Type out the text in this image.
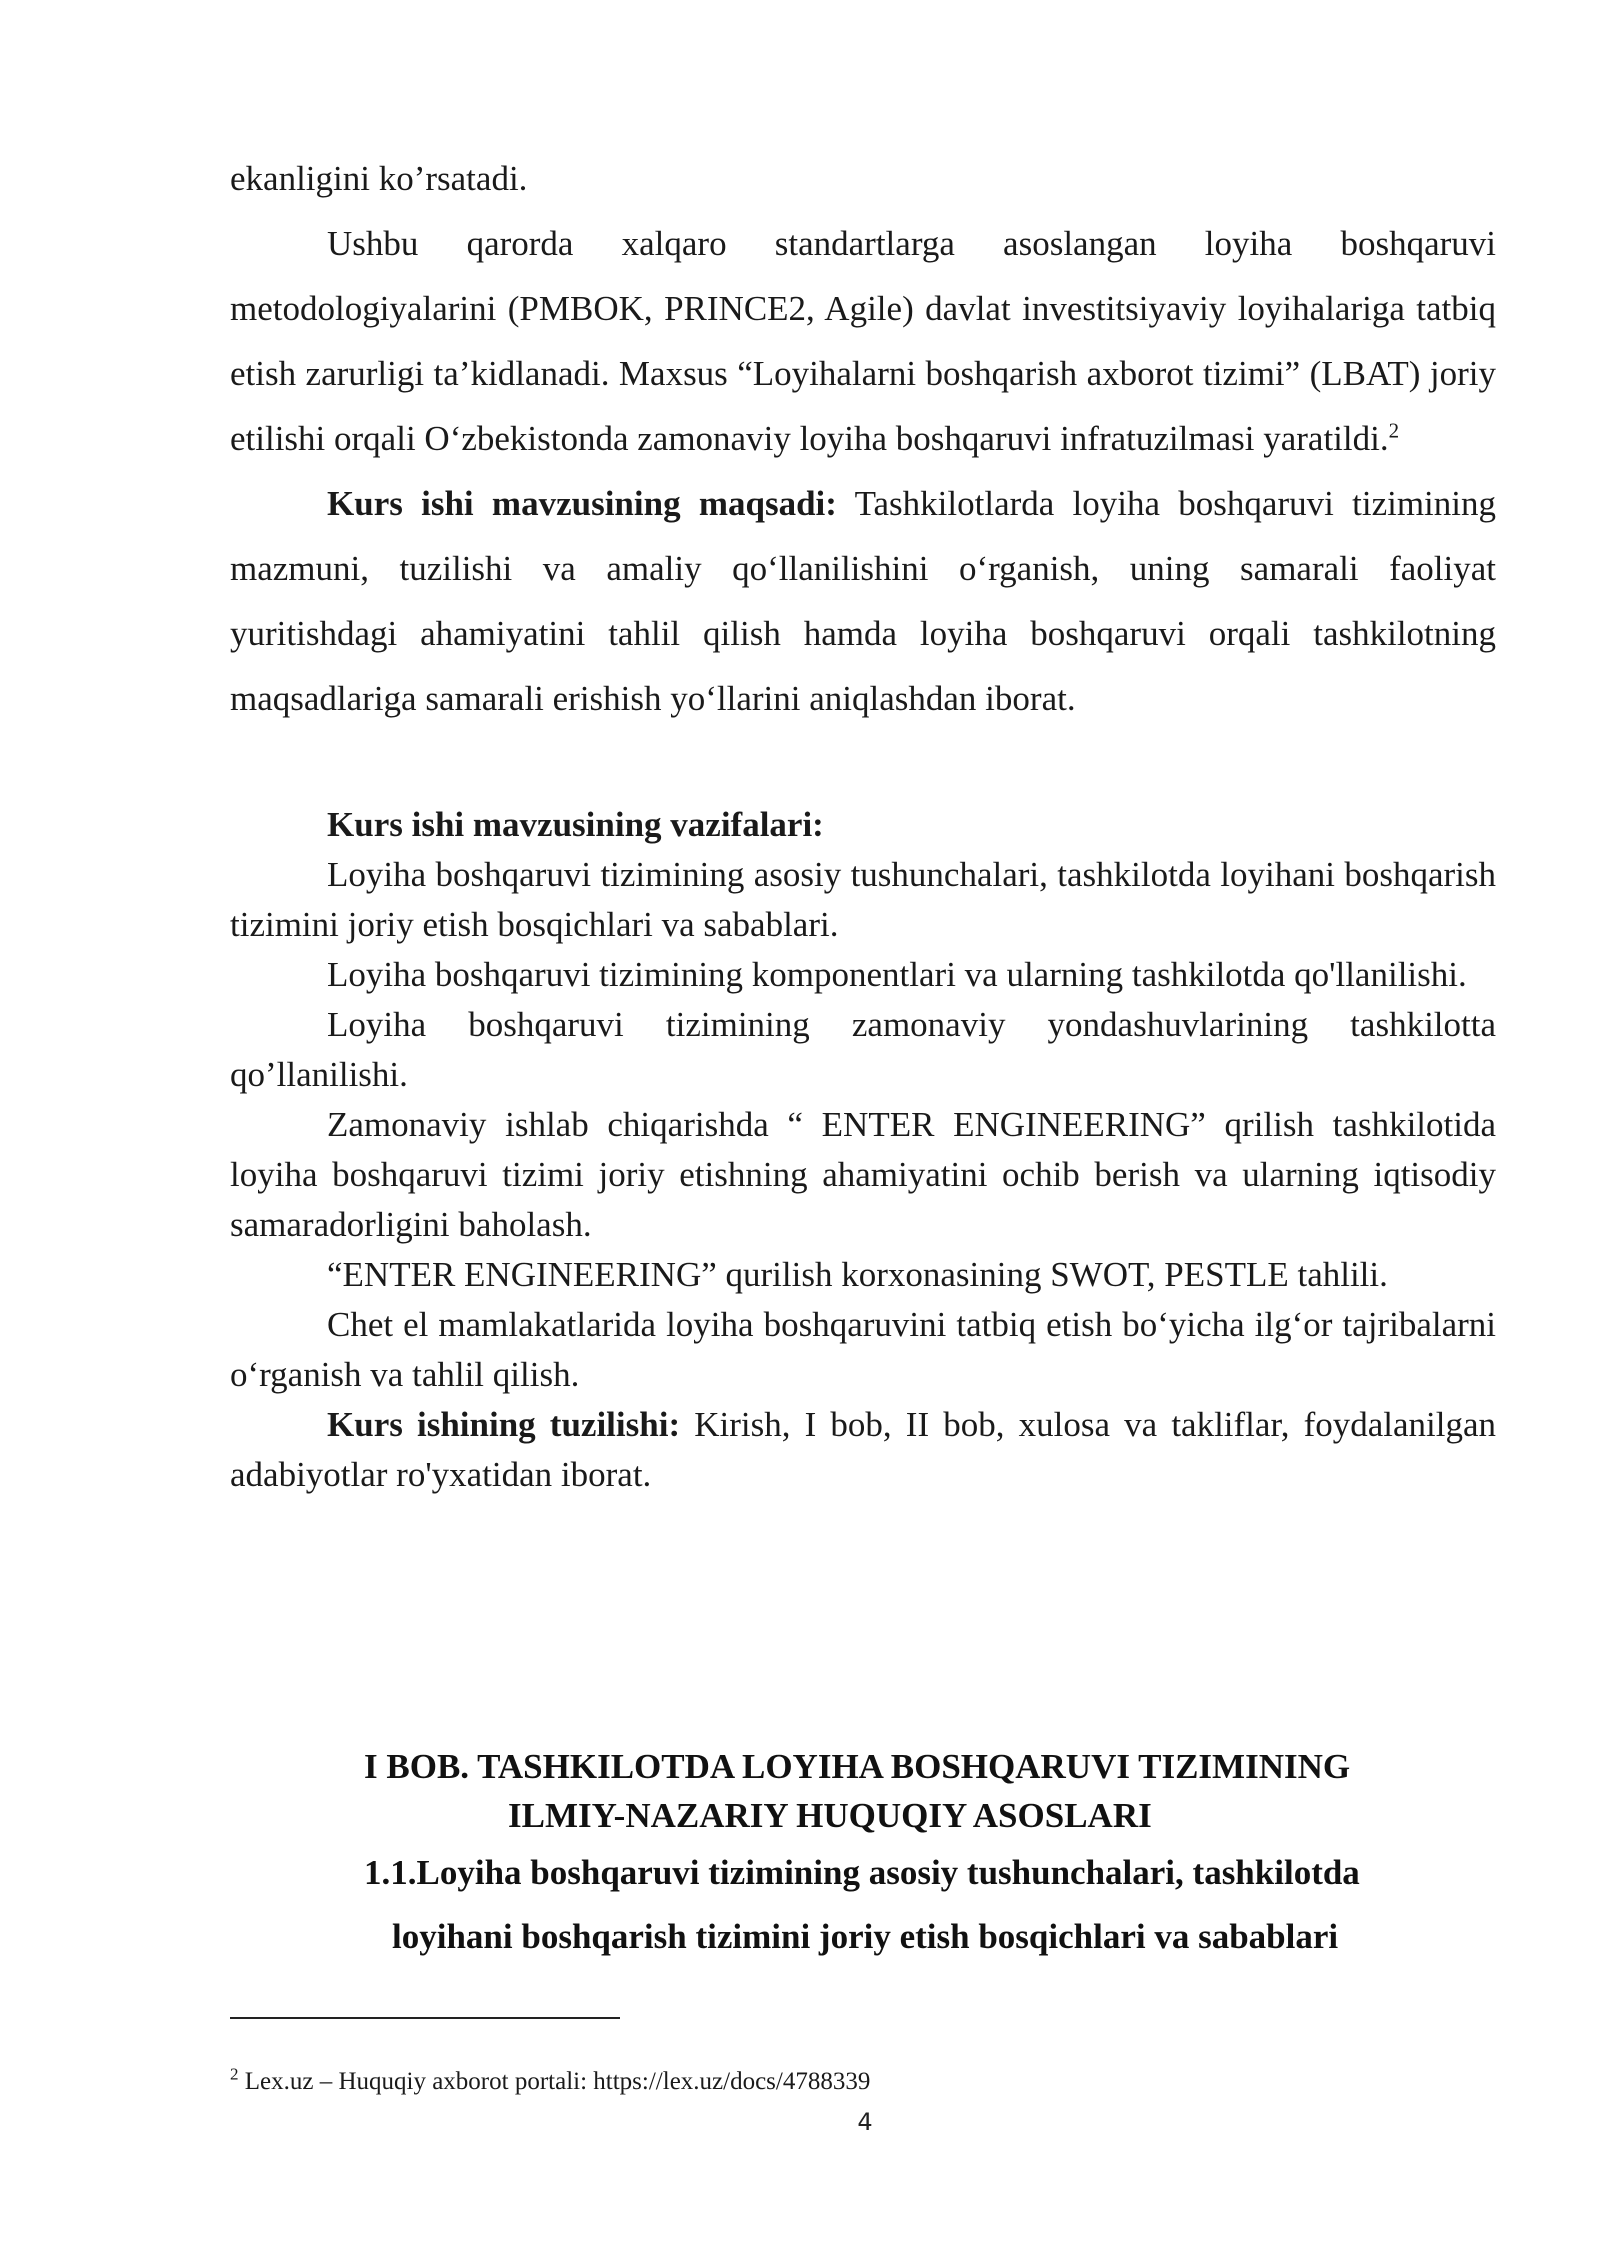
ekanligini ko’rsatadi.

Ushbu qarorda xalqaro standartlarga asoslangan loyiha boshqaruvi metodologiyalarini (PMBOK, PRINCE2, Agile) davlat investitsiyaviy loyihalariga tatbiq etish zarurligi ta’kidlanadi. Maxsus “Loyihalarni boshqarish axborot tizimi” (LBAT) joriy etilishi orqali O‘zbekistonda zamonaviy loyiha boshqaruvi infratuzilmasi yaratildi.$^2$

Kurs ishi mavzusining maqsadi: Tashkilotlarda loyiha boshqaruvi tizimining mazmuni, tuzilishi va amaliy qo‘llanilishini o‘rganish, uning samarali faoliyat yuritishdagi ahamiyatini tahlil qilish hamda loyiha boshqaruvi orqali tashkilotning maqsadlariga samarali erishish yo‘llarini aniqlashdan iborat.

Kurs ishi mavzusining vazifalari:

Loyiha boshqaruvi tizimining asosiy tushunchalari, tashkilotda loyihani boshqarish tizimini joriy etish bosqichlari va sabablari.

Loyiha boshqaruvi tizimining komponentlari va ularning tashkilotda qo'llanilishi.

Loyiha boshqaruvi tizimining zamonaviy yondashuvlarining tashkilotta qo’llanilishi.

Zamonaviy ishlab chiqarishda “ ENTER ENGINEERING” qrilish tashkilotida loyiha boshqaruvi tizimi joriy etishning ahamiyatini ochib berish va ularning iqtisodiy samaradorligini baholash.

“ENTER ENGINEERING” qurilish korxonasining SWOT, PESTLE tahlili.

Chet el mamlakatlarida loyiha boshqaruvini tatbiq etish bo‘yicha ilg‘or tajribalarni o‘rganish va tahlil qilish.

Kurs ishining tuzilishi: Kirish, I bob, II bob, xulosa va takliflar, foydalanilgan adabiyotlar ro'yxatidan iborat.

I BOB. TASHKILOTDA LOYIHA BOSHQARUVI TIZIMINING

ILMIY-NAZARIY HUQUQIY ASOSLARI

1.1.Loyiha boshqaruvi tizimining asosiy tushunchalari, tashkilotda

loyihani boshqarish tizimini joriy etish bosqichlari va sabablari

$^2$ Lex.uz – Huquqiy axborot portali: https://lex.uz/docs/4788339

4
